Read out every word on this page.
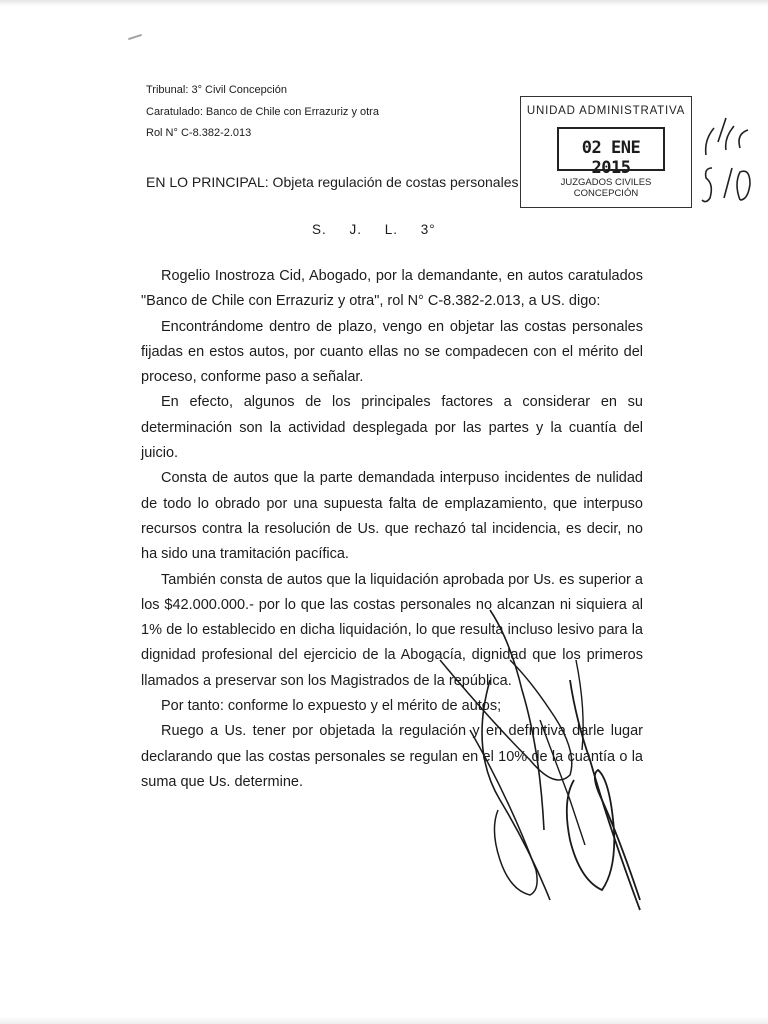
Tribunal: 3° Civil Concepción
Caratulado: Banco de Chile con Errazuriz y otra
Rol N° C-8.382-2.013
EN LO PRINCIPAL: Objeta regulación de costas personales
UNIDAD ADMINISTRATIVA
02 ENE 2015
JUZGADOS CIVILES
CONCEPCIÓN
S. J. L. 3°

Rogelio Inostroza Cid, Abogado, por la demandante, en autos caratulados "Banco de Chile con Errazuriz y otra", rol N° C-8.382-2.013, a US. digo:

Encontrándome dentro de plazo, vengo en objetar las costas personales fijadas en estos autos, por cuanto ellas no se compadecen con el mérito del proceso, conforme paso a señalar.

En efecto, algunos de los principales factores a considerar en su determinación son la actividad desplegada por las partes y la cuantía del juicio.

Consta de autos que la parte demandada interpuso incidentes de nulidad de todo lo obrado por una supuesta falta de emplazamiento, que interpuso recursos contra la resolución de Us. que rechazó tal incidencia, es decir, no ha sido una tramitación pacífica.

También consta de autos que la liquidación aprobada por Us. es superior a los $42.000.000.- por lo que las costas personales no alcanzan ni siquiera al 1% de lo establecido en dicha liquidación, lo que resulta incluso lesivo para la dignidad profesional del ejercicio de la Abogacía, dignidad que los primeros llamados a preservar son los Magistrados de la república.

Por tanto: conforme lo expuesto y el mérito de autos;

Ruego a Us. tener por objetada la regulación y en definitiva darle lugar declarando que las costas personales se regulan en el 10% de la cuantía o la suma que Us. determine.
